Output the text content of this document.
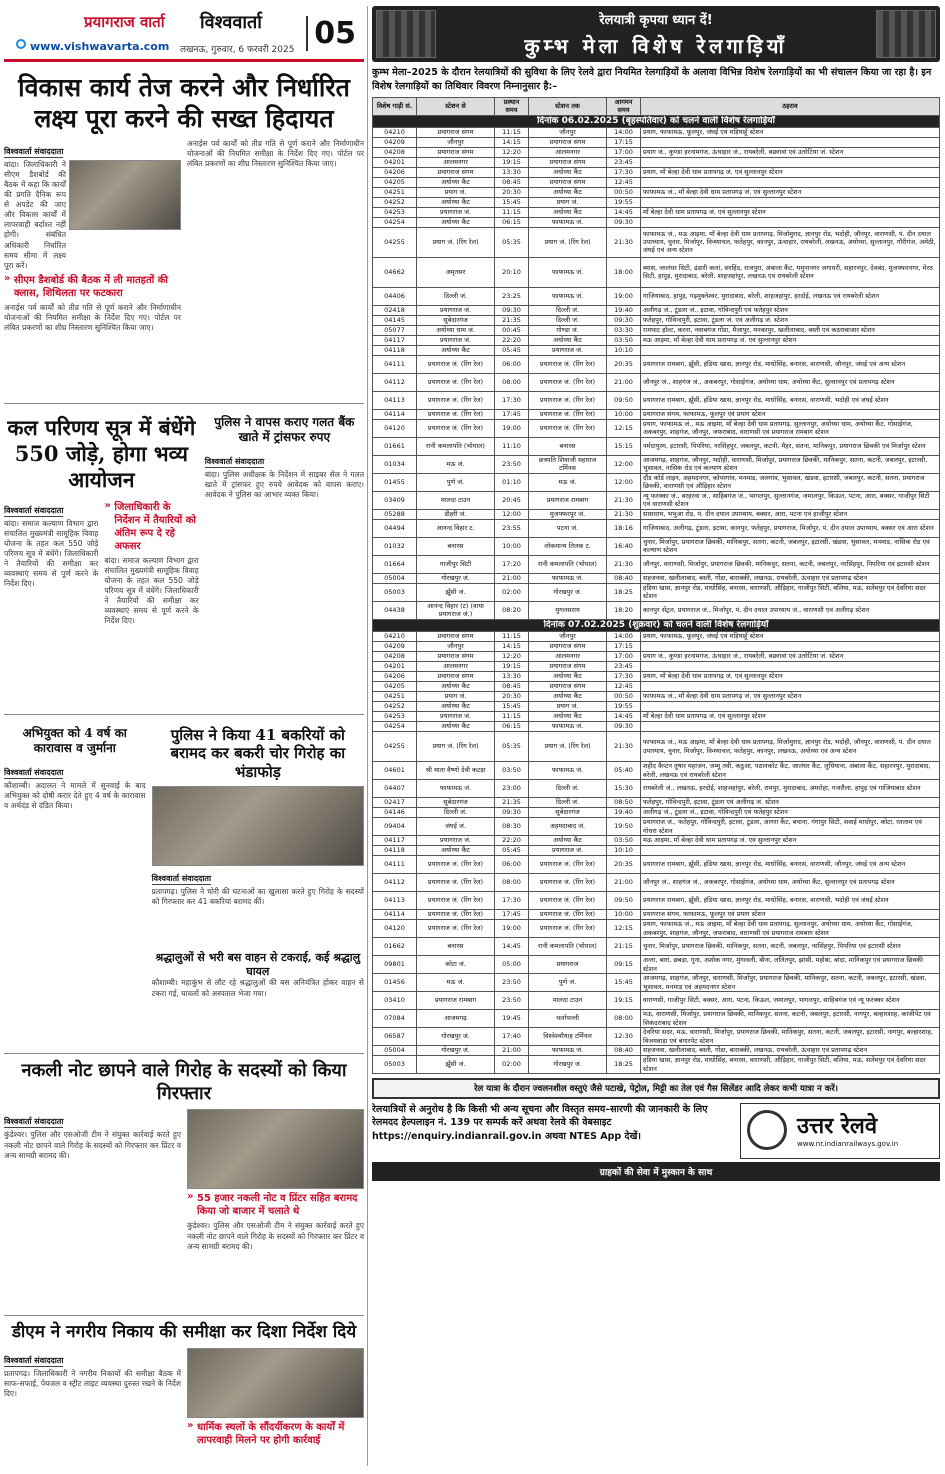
प्रयागराज वार्ता विश्ववार्ता
www.vishwavarta.com लखनऊ, गुरुवार, 6 फरवरी 2025 05
विकास कार्य तेज करने और निर्धारित लक्ष्य पूरा करने की सख्त हिदायत
विश्ववार्ता संवाददाता

बांदा। जिलाधिकारी ने सीएम डैशबोर्ड की बैठक में कहा कि कार्यों की प्रगति दैनिक रूप से अपडेट की जाए और विकास कार्यों में लापरवाही बर्दाश्त नहीं होगी। संबंधित अधिकारी निर्धारित समय सीमा में लक्ष्य पूरा करें।

» सीएम डैशबोर्ड की बैठक में ली मातहतों की क्लास, शिथिलता पर फटकारा

अनाईस पर्व कार्यों को तीव्र गति से पूर्ण कराने और निर्माणाधीन योजनाओं की नियमित समीक्षा के निर्देश दिए गए। पोर्टल पर लंबित प्रकरणों का शीघ्र निस्तारण सुनिश्चित किया जाए।

अनाईस पर्व कार्यों को तीव्र गति से पूर्ण कराने और निर्माणाधीन योजनाओं की नियमित समीक्षा के निर्देश दिए गए। पोर्टल पर लंबित प्रकरणों का शीघ्र निस्तारण सुनिश्चित किया जाए।

कल परिणय सूत्र में बंधेंगे 550 जोड़े, होगा भव्य आयोजन
विश्ववार्ता संवाददाता

बांदा। समाज कल्याण विभाग द्वारा संचालित मुख्यमंत्री सामूहिक विवाह योजना के तहत कल 550 जोड़े परिणय सूत्र में बंधेंगे। जिलाधिकारी ने तैयारियों की समीक्षा कर व्यवस्थाएं समय से पूर्ण करने के निर्देश दिए।

» जिलाधिकारी के निर्देशन में तैयारियों को अंतिम रूप दे रहे अफसर

बांदा। समाज कल्याण विभाग द्वारा संचालित मुख्यमंत्री सामूहिक विवाह योजना के तहत कल 550 जोड़े परिणय सूत्र में बंधेंगे। जिलाधिकारी ने तैयारियों की समीक्षा कर व्यवस्थाएं समय से पूर्ण करने के निर्देश दिए।

पुलिस ने वापस कराए गलत बैंक खाते में ट्रांसफर रुपए
विश्ववार्ता संवाददाता

बांदा। पुलिस अधीक्षक के निर्देशन में साइबर सेल ने गलत खाते में ट्रांसफर हुए रुपये आवेदक को वापस कराए। आवेदक ने पुलिस का आभार व्यक्त किया।

अभियुक्त को 4 वर्ष का कारावास व जुर्माना
विश्ववार्ता संवाददाता

कौशाम्बी। अदालत ने मामले में सुनवाई के बाद अभियुक्त को दोषी करार देते हुए 4 वर्ष के कारावास व अर्थदंड से दंडित किया।

पुलिस ने किया 41 बकरियों को बरामद कर बकरी चोर गिरोह का भंडाफोड़
विश्ववार्ता संवाददाता

प्रतापगढ़। पुलिस ने चोरी की घटनाओं का खुलासा करते हुए गिरोह के सदस्यों को गिरफ्तार कर 41 बकरियां बरामद कीं।

श्रद्धालुओं से भरी बस वाहन से टकराई, कई श्रद्धालु घायल

कौशाम्बी। महाकुंभ से लौट रहे श्रद्धालुओं की बस अनियंत्रित होकर वाहन से टकरा गई, घायलों को अस्पताल भेजा गया।

नकली नोट छापने वाले गिरोह के सदस्यों को किया गिरफ्तार
विश्ववार्ता संवाददाता

कुंडेश्वर। पुलिस और एसओजी टीम ने संयुक्त कार्रवाई करते हुए नकली नोट छापने वाले गिरोह के सदस्यों को गिरफ्तार कर प्रिंटर व अन्य सामग्री बरामद की।

» 55 हजार नकली नोट व प्रिंटर सहित बरामद किया जो बाजार में चलाते थे

कुंडेश्वर। पुलिस और एसओजी टीम ने संयुक्त कार्रवाई करते हुए नकली नोट छापने वाले गिरोह के सदस्यों को गिरफ्तार कर प्रिंटर व अन्य सामग्री बरामद की।

डीएम ने नगरीय निकाय की समीक्षा कर दिशा निर्देश दिये
विश्ववार्ता संवाददाता

प्रतापगढ़। जिलाधिकारी ने नगरीय निकायों की समीक्षा बैठक में साफ-सफाई, पेयजल व स्ट्रीट लाइट व्यवस्था दुरुस्त रखने के निर्देश दिए।

» धार्मिक स्थलों के सौंदर्यीकरण के कार्यों में लापरवाही मिलने पर होगी कार्रवाई
रेलयात्री कृपया ध्यान दें!
कुम्भ मेला विशेष रेलगाड़ियाँ

कुम्भ मेला–2025 के दौरान रेलयात्रियों की सुविधा के लिए रेलवे द्वारा नियमित रेलगाड़ियों के अलावा विभिन्न विशेष रेलगाड़ियों का भी संचालन किया जा रहा है। इन विशेष रेलगाड़ियों का तिथिवार विवरण निम्नानुसार है:–

विशेष गाड़ी सं.	स्टेशन से	प्रस्थान समय	स्टेशन तक	आगमन समय	ठहराव
दिनांक 06.02.2025 (बृहस्पतिवार) को चलने वाली विशेष रेलगाड़ियाँ					
04210	प्रयागराज संगम	11:15	जौनपुर	14:00	प्रयाग, फाफामऊ, फूलपुर, जंघई एवं मड़ियाहूँ स्टेशन
04209	जौनपुर	14:15	प्रयागराज संगम	17:15	
04208	प्रयागराज संगम	12:20	आलमनगर	17:00	प्रयाग जं., कुण्डा हरनामगंज, ऊंचाहार जं., रायबरेली, बछरावां एवं उतरेटिया जं. स्टेशन
04201	आलमनगर	19:15	प्रयागराज संगम	23:45	
04206	प्रयागराज संगम	13:30	अयोध्या कैंट	17:30	प्रयाग, माँ बेल्हा देवी धाम प्रतापगढ़ जं. एवं सुल्तानपुर स्टेशन
04205	अयोध्या कैंट	08:45	प्रयागराज संगम	12:45	
04251	प्रयाग जं.	20:30	अयोध्या कैंट	00:50	फाफामऊ जं., माँ बेल्हा देवी धाम प्रतापगढ़ जं. एवं सुल्तानपुर स्टेशन
04252	अयोध्या कैंट	15:45	प्रयाग जं.	19:55	
04253	प्रयागराज जं.	11:15	अयोध्या कैंट	14:45	माँ बेल्हा देवी धाम प्रतापगढ़ जं. एवं सुल्तानपुर स्टेशन
04254	अयोध्या कैंट	06:15	फाफामऊ जं.	09:30	
04255	प्रयाग जं. (रिंग रेल)	05:35	प्रयाग जं. (रिंग रेल)	21:30	फाफामऊ जं., मऊ आइमा, माँ बेल्हा देवी धाम प्रतापगढ़, मिर्जामुराद, ज्ञानपुर रोड, भदोही, जौनपुर, वाराणसी, पं. दीन दयाल उपाध्याय, चुनार, मिर्जापुर, विन्ध्याचल, फतेहपुर, कानपुर, ऊंचाहार, रायबरेली, लखनऊ, अयोध्या, सुल्तानपुर, गौरीगंज, अमेठी, जंघई एवं अन्य स्टेशन
04662	अमृतसर	20:10	फाफामऊ जं.	18:00	ब्यास, जालंधर सिटी, ढंडारी कलां, सरहिंद, राजपुरा, अंबाला कैंट, यमुनानगर जगाधरी, सहारनपुर, देवबंद, मुजफ्फरनगर, मेरठ सिटी, हापुड़, मुरादाबाद, बरेली, शाहजहांपुर, लखनऊ एवं रायबरेली स्टेशन
04406	दिल्ली जं.	23:25	फाफामऊ जं.	19:00	गाजियाबाद, हापुड़, गढ़मुक्तेश्वर, मुरादाबाद, बरेली, शाहजहांपुर, हरदोई, लखनऊ एवं रायबरेली स्टेशन
02418	प्रयागराज जं.	09:30	दिल्ली जं.	19:40	अलीगढ़ जं., टूंडला जं., इटावा, गोविन्दपुरी एवं फतेहपुर स्टेशन
04145	सुबेदारगंज	21:35	दिल्ली जं.	09:30	फतेहपुर, गोविन्दपुरी, इटावा, टूंडला जं. एवं अलीगढ़ जं. स्टेशन
05077	अयोध्या धाम जं.	00:45	गोण्डा जं.	03:30	रामघाट हॉल्ट, करना, नवाबगंज गोंडा, मैजापुर, मनकापुर, खलीलाबाद, बस्ती एवं कठराबाजार स्टेशन
04117	प्रयागराज जं.	22:20	अयोध्या कैंट	03:50	मऊ आइमा, माँ बेल्हा देवी धाम प्रतापगढ़ जं. एवं सुल्तानपुर स्टेशन
04118	अयोध्या कैंट	05:45	प्रयागराज जं.	10:10	
04111	प्रयागराज जं. (रिंग रेल)	06:00	प्रयागराज जं. (रिंग रेल)	20:35	प्रयागराज रामबाग, झूँसी, हंडिया खास, ज्ञानपुर रोड, माधोसिंह, बनारस, वाराणसी, जौनपुर, जंघई एवं अन्य स्टेशन
04112	प्रयागराज जं. (रिंग रेल)	08:00	प्रयागराज जं. (रिंग रेल)	21:00	जौनपुर जं., शाहगंज जं., अकबरपुर, गोसाईगंज, अयोध्या धाम, अयोध्या कैंट, सुल्तानपुर एवं प्रतापगढ़ स्टेशन
04113	प्रयागराज जं. (रिंग रेल)	17:30	प्रयागराज जं. (रिंग रेल)	09:50	प्रयागराज रामबाग, झूँसी, हंडिया खास, ज्ञानपुर रोड, माधोसिंह, बनारस, वाराणसी, भदोही एवं जंघई स्टेशन
04114	प्रयागराज जं. (रिंग रेल)	17:45	प्रयागराज जं. (रिंग रेल)	10:00	प्रयागराज संगम, फाफामऊ, फूलपुर एवं प्रयाग स्टेशन
04120	प्रयागराज जं. (रिंग रेल)	19:00	प्रयागराज जं. (रिंग रेल)	12:15	प्रयाग, फाफामऊ जं., मऊ आइमा, माँ बेल्हा देवी धाम प्रतापगढ़, सुल्तानपुर, अयोध्या धाम, अयोध्या कैंट, गोसाईगंज, अकबरपुर, शाहगंज, जौनपुर, जफराबाद, वाराणसी एवं प्रयागराज रामबाग स्टेशन
01661	रानी कमलापति (भोपाल)	11:10	बनारस	15:15	नर्मदापुरम, इटारसी, पिपरिया, नरसिंहपुर, जबलपुर, कटनी, मैहर, सतना, मानिकपुर, प्रयागराज छिवकी एवं मिर्जापुर स्टेशन
01034	मऊ जं.	23:50	छत्रपति शिवाजी महाराज टर्मिनस	12:00	आजमगढ़, शाहगंज, जौनपुर, भदोही, वाराणसी, मिर्जापुर, प्रयागराज छिवकी, मानिकपुर, सतना, कटनी, जबलपुर, इटारसी, भुसावल, नासिक रोड एवं कल्याण स्टेशन
01455	पुणे जं.	01:10	मऊ जं.	12:00	दौंड कॉर्ड लाइन, अहमदनगर, कोपरगांव, मनमाड, जलगांव, भुसावल, खंडवा, इटारसी, जबलपुर, कटनी, सतना, प्रयागराज छिवकी, वाराणसी एवं औड़िहार स्टेशन
03409	मालदा टाउन	20:45	प्रयागराज रामबाग	21:30	न्यू फरक्का जं., बरहरवा जं., साहिबगंज जं., भागलपुर, सुल्तानगंज, जमालपुर, किऊल, पटना, आरा, बक्सर, गाजीपुर सिटी एवं वाराणसी स्टेशन
05288	डीहरी जं.	12:00	मुजफ्फरपुर जं.	21:30	सासाराम, भभुआ रोड, पं. दीन दयाल उपाध्याय, बक्सर, आरा, पटना एवं हाजीपुर स्टेशन
04494	आनन्द विहार ट.	23:55	पटना जं.	18:16	गाजियाबाद, अलीगढ़, टूंडला, इटावा, कानपुर, फतेहपुर, प्रयागराज, मिर्जापुर, पं. दीन दयाल उपाध्याय, बक्सर एवं आरा स्टेशन
01032	बनारस	10:00	लोकमान्य तिलक ट.	16:40	चुनार, मिर्जापुर, प्रयागराज छिवकी, मानिकपुर, सतना, कटनी, जबलपुर, इटारसी, खंडवा, भुसावल, मनमाड, नासिक रोड एवं कल्याण स्टेशन
01664	गाजीपुर सिटी	17:20	रानी कमलापति (भोपाल)	21:30	जौनपुर, वाराणसी, मिर्जापुर, प्रयागराज छिवकी, मानिकपुर, सतना, कटनी, जबलपुर, नरसिंहपुर, पिपरिया एवं इटारसी स्टेशन
05004	गोरखपुर जं.	21:00	फाफामऊ जं.	08:40	सहजनवा, खलीलाबाद, बस्ती, गोंडा, बाराबंकी, लखनऊ, रायबरेली, ऊंचाहार एवं प्रतापगढ़ स्टेशन
05003	झूँसी जं.	02:00	गोरखपुर जं.	18:25	हंडिया खास, ज्ञानपुर रोड, माधोसिंह, बनारस, वाराणसी, औड़िहार, गाजीपुर सिटी, बलिया, मऊ, सलेमपुर एवं देवरिया सदर स्टेशन
04438	आनन्द विहार (ट) (वाया प्रयागराज जं.)	08:20	मुगलसराय	18:20	कानपुर सेंट्रल, प्रयागराज जं., मिर्जापुर, पं. दीन दयाल उपाध्याय जं., वाराणसी एवं अलीगढ़ स्टेशन
दिनांक 07.02.2025 (शुक्रवार) को चलने वाली विशेष रेलगाड़ियाँ					
04210	प्रयागराज संगम	11:15	जौनपुर	14:00	प्रयाग, फाफामऊ, फूलपुर, जंघई एवं मड़ियाहूँ स्टेशन
04209	जौनपुर	14:15	प्रयागराज संगम	17:15	
04208	प्रयागराज संगम	12:20	आलमनगर	17:00	प्रयाग जं., कुण्डा हरनामगंज, ऊंचाहार जं., रायबरेली, बछरावां एवं उतरेटिया जं. स्टेशन
04201	आलमनगर	19:15	प्रयागराज संगम	23:45	
04206	प्रयागराज संगम	13:30	अयोध्या कैंट	17:30	प्रयाग, माँ बेल्हा देवी धाम प्रतापगढ़ जं. एवं सुल्तानपुर स्टेशन
04205	अयोध्या कैंट	08:45	प्रयागराज संगम	12:45	
04251	प्रयाग जं.	20:30	अयोध्या कैंट	00:50	फाफामऊ जं., माँ बेल्हा देवी धाम प्रतापगढ़ जं. एवं सुल्तानपुर स्टेशन
04252	अयोध्या कैंट	15:45	प्रयाग जं.	19:55	
04253	प्रयागराज जं.	11:15	अयोध्या कैंट	14:45	माँ बेल्हा देवी धाम प्रतापगढ़ जं. एवं सुल्तानपुर स्टेशन
04254	अयोध्या कैंट	06:15	फाफामऊ जं.	09:30	
04255	प्रयाग जं. (रिंग रेल)	05:35	प्रयाग जं. (रिंग रेल)	21:30	फाफामऊ जं., मऊ आइमा, माँ बेल्हा देवी धाम प्रतापगढ़, मिर्जामुराद, ज्ञानपुर रोड, भदोही, जौनपुर, वाराणसी, पं. दीन दयाल उपाध्याय, चुनार, मिर्जापुर, विन्ध्याचल, फतेहपुर, कानपुर, लखनऊ, अयोध्या एवं अन्य स्टेशन
04601	श्री माता वैष्णो देवी कटड़ा	03:50	फाफामऊ जं.	05:40	शहीद कैप्टन तुषार महाजन, जम्मू तवी, कठुआ, पठानकोट कैंट, जालंधर कैंट, लुधियाना, अंबाला कैंट, सहारनपुर, मुरादाबाद, बरेली, लखनऊ एवं रायबरेली स्टेशन
04407	फाफामऊ जं.	23:00	दिल्ली जं.	15:30	रायबरेली जं., लखनऊ, हरदोई, शाहजहांपुर, बरेली, रामपुर, मुरादाबाद, अमरोहा, गजरौला, हापुड़ एवं गाजियाबाद स्टेशन
02417	सुबेदारगंज	21:35	दिल्ली जं.	08:50	फतेहपुर, गोविन्दपुरी, इटावा, टूंडला एवं अलीगढ़ जं. स्टेशन
04146	दिल्ली जं.	09:30	सुबेदारगंज	19:40	अलीगढ़ जं., टूंडला जं., इटावा, गोविन्दपुरी एवं फतेहपुर स्टेशन
09404	जंघई जं.	08:30	अहमदाबाद जं.	19:50	प्रयागराज जं., फतेहपुर, गोविन्दपुरी, इटावा, टूंडला, आगरा कैंट, बयाना, गंगापुर सिटी, सवाई माधोपुर, कोटा, रतलाम एवं गोधरा स्टेशन
04117	प्रयागराज जं.	22:20	अयोध्या कैंट	03:50	मऊ आइमा, माँ बेल्हा देवी धाम प्रतापगढ़ जं. एवं सुल्तानपुर स्टेशन
04118	अयोध्या कैंट	05:45	प्रयागराज जं.	10:10	
04111	प्रयागराज जं. (रिंग रेल)	06:00	प्रयागराज जं. (रिंग रेल)	20:35	प्रयागराज रामबाग, झूँसी, हंडिया खास, ज्ञानपुर रोड, माधोसिंह, बनारस, वाराणसी, जौनपुर, जंघई एवं अन्य स्टेशन
04112	प्रयागराज जं. (रिंग रेल)	08:00	प्रयागराज जं. (रिंग रेल)	21:00	जौनपुर जं., शाहगंज जं., अकबरपुर, गोसाईगंज, अयोध्या धाम, अयोध्या कैंट, सुल्तानपुर एवं प्रतापगढ़ स्टेशन
04113	प्रयागराज जं. (रिंग रेल)	17:30	प्रयागराज जं. (रिंग रेल)	09:50	प्रयागराज रामबाग, झूँसी, हंडिया खास, ज्ञानपुर रोड, माधोसिंह, बनारस, वाराणसी, भदोही एवं जंघई स्टेशन
04114	प्रयागराज जं. (रिंग रेल)	17:45	प्रयागराज जं. (रिंग रेल)	10:00	प्रयागराज संगम, फाफामऊ, फूलपुर एवं प्रयाग स्टेशन
04120	प्रयागराज जं. (रिंग रेल)	19:00	प्रयागराज जं. (रिंग रेल)	12:15	प्रयाग, फाफामऊ जं., मऊ आइमा, माँ बेल्हा देवी धाम प्रतापगढ़, सुल्तानपुर, अयोध्या धाम, अयोध्या कैंट, गोसाईगंज, अकबरपुर, शाहगंज, जौनपुर, जफराबाद, वाराणसी एवं प्रयागराज रामबाग स्टेशन
01662	बनारस	14:45	रानी कमलापति (भोपाल)	21:15	चुनार, मिर्जापुर, प्रयागराज छिवकी, मानिकपुर, सतना, कटनी, जबलपुर, नरसिंहपुर, पिपरिया एवं इटारसी स्टेशन
09801	कोटा जं.	05:00	प्रयागराज	09:15	अन्ता, बारां, छबड़ा, गुना, अशोक नगर, मुंगावली, बीना, ललितपुर, झांसी, महोबा, बांदा, मानिकपुर एवं प्रयागराज छिवकी स्टेशन
01456	मऊ जं.	23:50	पुणे जं.	15:45	आजमगढ़, शाहगंज, जौनपुर, वाराणसी, मिर्जापुर, प्रयागराज छिवकी, मानिकपुर, सतना, कटनी, जबलपुर, इटारसी, खंडवा, भुसावल, मनमाड एवं अहमदनगर स्टेशन
03410	प्रयागराज रामबाग	23:50	मालदा टाउन	19:15	वाराणसी, गाजीपुर सिटी, बक्सर, आरा, पटना, किऊल, जमालपुर, भागलपुर, साहिबगंज एवं न्यू फरक्का स्टेशन
07084	आजमगढ़	19:45	चर्लापल्ली	08:00	मऊ, वाराणसी, मिर्जापुर, प्रयागराज छिवकी, मानिकपुर, सतना, कटनी, जबलपुर, इटारसी, नागपुर, बल्हारशाह, काजीपेट एवं सिकंदराबाद स्टेशन
06587	गोरखपुर जं.	17:40	विश्वेश्वरैयाह टर्मिनल	12:30	देवरिया सदर, मऊ, वाराणसी, मिर्जापुर, प्रयागराज छिवकी, मानिकपुर, सतना, कटनी, जबलपुर, इटारसी, नागपुर, बल्हारशाह, विजयवाड़ा एवं बंगारपेट स्टेशन
05004	गोरखपुर जं.	21:00	फाफामऊ जं.	08:40	सहजनवा, खलीलाबाद, बस्ती, गोंडा, बाराबंकी, लखनऊ, रायबरेली, ऊंचाहार एवं प्रतापगढ़ स्टेशन
05003	झूँसी जं.	02:00	गोरखपुर जं.	18:25	हंडिया खास, ज्ञानपुर रोड, माधोसिंह, बनारस, वाराणसी, औड़िहार, गाजीपुर सिटी, बलिया, मऊ, सलेमपुर एवं देवरिया सदर स्टेशन
रेल यात्रा के दौरान ज्वलनशील वस्तुएं जैसे पटाखे, पेट्रोल, मिट्टी का तेल एवं गैस सिलेंडर आदि लेकर कभी यात्रा न करें।
रेलयात्रियों से अनुरोध है कि किसी भी अन्य सूचना और विस्तृत समय–सारणी की जानकारी के लिए रेलमदद हेल्पलाइन नं. 139 पर सम्पर्क करें अथवा रेलवे की वेबसाइट https://enquiry.indianrail.gov.in अथवा NTES App देखें।	उत्तर रेलवे
www.nr.indianrailways.gov.in
ग्राहकों की सेवा में मुस्कान के साथ
